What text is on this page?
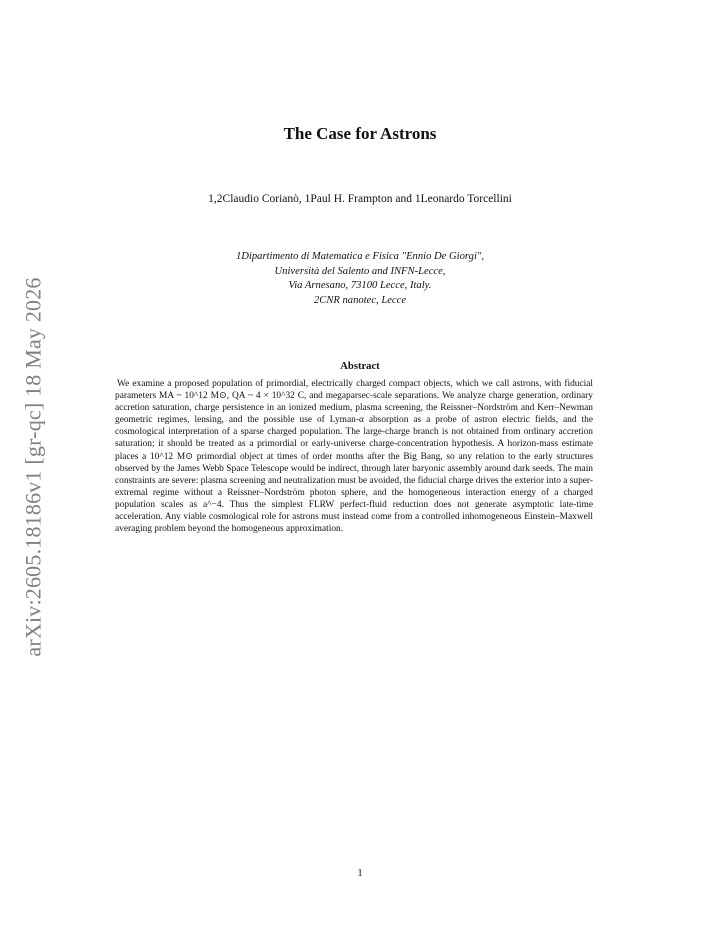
arXiv:2605.18186v1 [gr-qc] 18 May 2026
The Case for Astrons

1,2Claudio Corianò, 1Paul H. Frampton and 1Leonardo Torcellini

1Dipartimento di Matematica e Fisica "Ennio De Giorgi",
Università del Salento and INFN-Lecce,
Via Arnesano, 73100 Lecce, Italy.
2CNR nanotec, Lecce
Abstract

We examine a proposed population of primordial, electrically charged compact objects, which we call astrons, with fiducial parameters MA ~ 10^12 M⊙, QA ~ 4 × 10^32 C, and megaparsec-scale separations. We analyze charge generation, ordinary accretion saturation, charge persistence in an ionized medium, plasma screening, the Reissner–Nordström and Kerr–Newman geometric regimes, lensing, and the possible use of Lyman-α absorption as a probe of astron electric fields, and the cosmological interpretation of a sparse charged population. The large-charge branch is not obtained from ordinary accretion saturation; it should be treated as a primordial or early-universe charge-concentration hypothesis. A horizon-mass estimate places a 10^12 M⊙ primordial object at times of order months after the Big Bang, so any relation to the early structures observed by the James Webb Space Telescope would be indirect, through later baryonic assembly around dark seeds. The main constraints are severe: plasma screening and neutralization must be avoided, the fiducial charge drives the exterior into a super-extremal regime without a Reissner–Nordström photon sphere, and the homogeneous interaction energy of a charged population scales as a^−4. Thus the simplest FLRW perfect-fluid reduction does not generate asymptotic late-time acceleration. Any viable cosmological role for astrons must instead come from a controlled inhomogeneous Einstein–Maxwell averaging problem beyond the homogeneous approximation.

1
